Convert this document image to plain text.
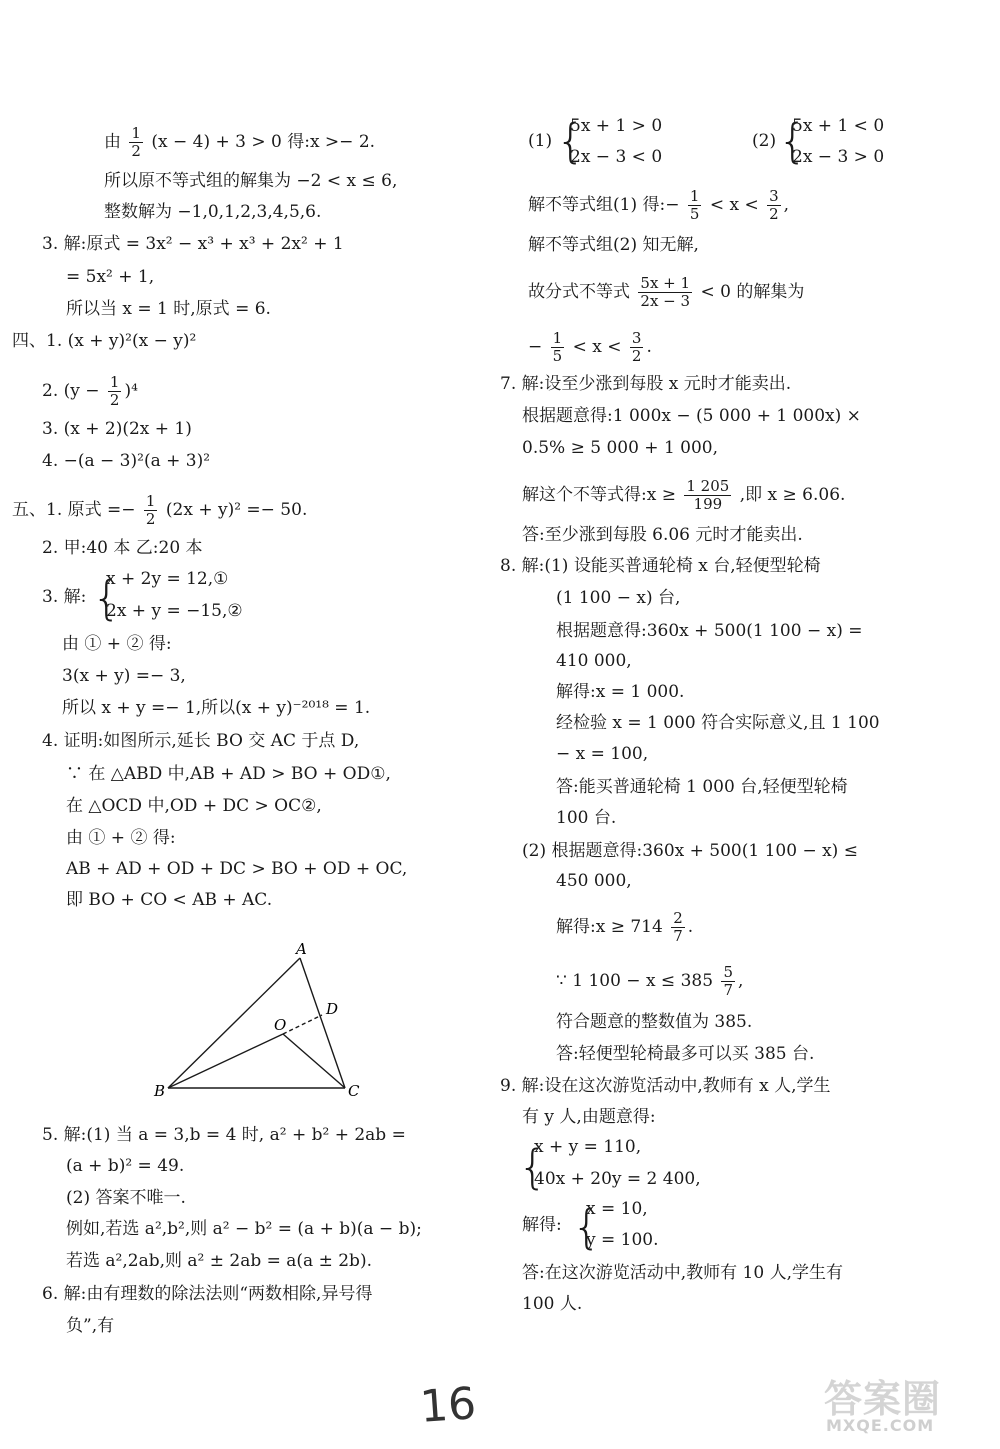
由 $\frac{1}{2} (x - 4) + 3 > 0$ 得:x >− 2.
所以原不等式组的解集为 −2 < x ≤ 6,
整数解为 −1,0,1,2,3,4,5,6.
3. 解:原式 = 3x² − x³ + x³ + 2x² + 1
= 5x² + 1,
所以当 x = 1 时,原式 = 6.
四、1. (x + y)²(x − y)²
2. $(y - \frac{1}{2} )^4$
3. (x + 2)(2x + 1)
4. −(a − 3)²(a + 3)²
五、1. 原式 =− $\frac{1}{2} (2x + y)^2 =- 50$.
2. 甲:40 本 乙:20 本
3. 解: {
x + 2y = 12,①
2x + y = −15,②
由 ① + ② 得:
3(x + y) =− 3,
所以 x + y =− 1,所以(x + y)⁻²⁰¹⁸ = 1.
4. 证明:如图所示,延长 BO 交 AC 于点 D,
∵ 在 △ABD 中,AB + AD > BO + OD①,
在 △OCD 中,OD + DC > OC②,
由 ① + ② 得:
AB + AD + OD + DC > BO + OD + OC,
即 BO + CO < AB + AC.
A
B	C
D
O
5. 解:(1) 当 a = 3,b = 4 时, a² + b² + 2ab =
(a + b)² = 49.
(2) 答案不唯一.
例如,若选 a²,b²,则 a² − b² = (a + b)(a − b);
若选 a²,2ab,则 a² ± 2ab = a(a ± 2b).
6. 解:由有理数的除法法则“两数相除,异号得
负”,有
(1) {
5x + 1 > 0
2x − 3 < 0
(2) {
5x + 1 < 0
2x − 3 > 0
解不等式组(1) 得:− $\frac{1}{5} < x < \frac{3}{2}$ ,
解不等式组(2) 知无解,
故分式不等式 $\frac{5x + 1}{2x - 3} < 0$ 的解集为
− $\frac{1}{5} < x < \frac{3}{2}$ .
7. 解:设至少涨到每股 x 元时才能卖出.
根据题意得:1 000x − (5 000 + 1 000x) ×
0.5% ≥ 5 000 + 1 000,
解这个不等式得:x ≥ $\frac{1 205}{199}$ ,即 x ≥ 6.06.
答:至少涨到每股 6.06 元时才能卖出.
8. 解:(1) 设能买普通轮椅 x 台,轻便型轮椅
(1 100 − x) 台,
根据题意得:360x + 500(1 100 − x) =
410 000,
解得:x = 1 000.
经检验 x = 1 000 符合实际意义,且 1 100
− x = 100,
答:能买普通轮椅 1 000 台,轻便型轮椅
100 台.
(2) 根据题意得:360x + 500(1 100 − x) ≤
450 000,
解得:x ≥ $714 \frac{2}{7}$ .
∵ 1 $100 - x \le 385 \frac{5}{7}$ ,
符合题意的整数值为 385.
答:轻便型轮椅最多可以买 385 台.
9. 解:设在这次游览活动中,教师有 x 人,学生
有 y 人,由题意得:
{
x + y = 110,
40x + 20y = 2 400,
解得: {
x = 10,
y = 100.
答:在这次游览活动中,教师有 10 人,学生有
100 人.
16	答案圈
MXQE.COM
